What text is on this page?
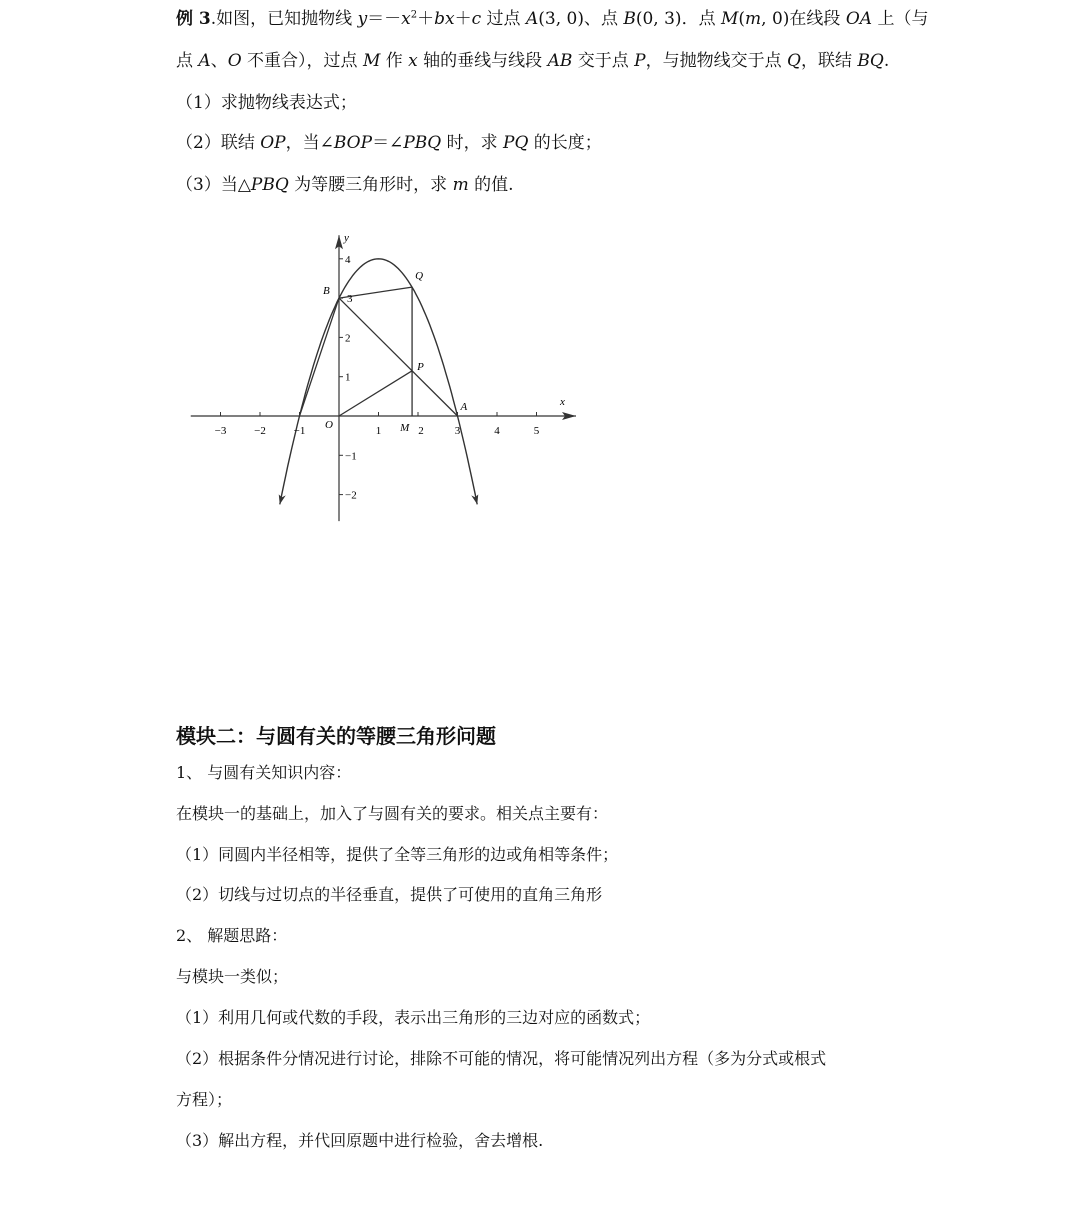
例 3.如图，已知抛物线 $y=-x^2+bx+c$ 过点 A(3, 0)、点 B(0, 3)．点 M(m, 0)在线段 OA 上（与
点 A、O 不重合），过点 M 作 x 轴的垂线与线段 AB 交于点 P，与抛物线交于点 Q，联结 BQ.
（1）求抛物线表达式；
（2）联结 OP，当∠BOP＝∠PBQ 时，求 PQ 的长度；
（3）当△PBQ 为等腰三角形时，求 m 的值.
x
y
−3	−2	−1	1	2	3	4	5
4
3
2
1
−1
−2
O
B
Q
P
M
A
模块二：与圆有关的等腰三角形问题
1、 与圆有关知识内容：
在模块一的基础上，加入了与圆有关的要求。相关点主要有：
（1）同圆内半径相等，提供了全等三角形的边或角相等条件；
（2）切线与过切点的半径垂直，提供了可使用的直角三角形
2、 解题思路：
与模块一类似；
（1）利用几何或代数的手段，表示出三角形的三边对应的函数式；
（2）根据条件分情况进行讨论，排除不可能的情况，将可能情况列出方程（多为分式或根式
方程）；
（3）解出方程，并代回原题中进行检验，舍去增根.
